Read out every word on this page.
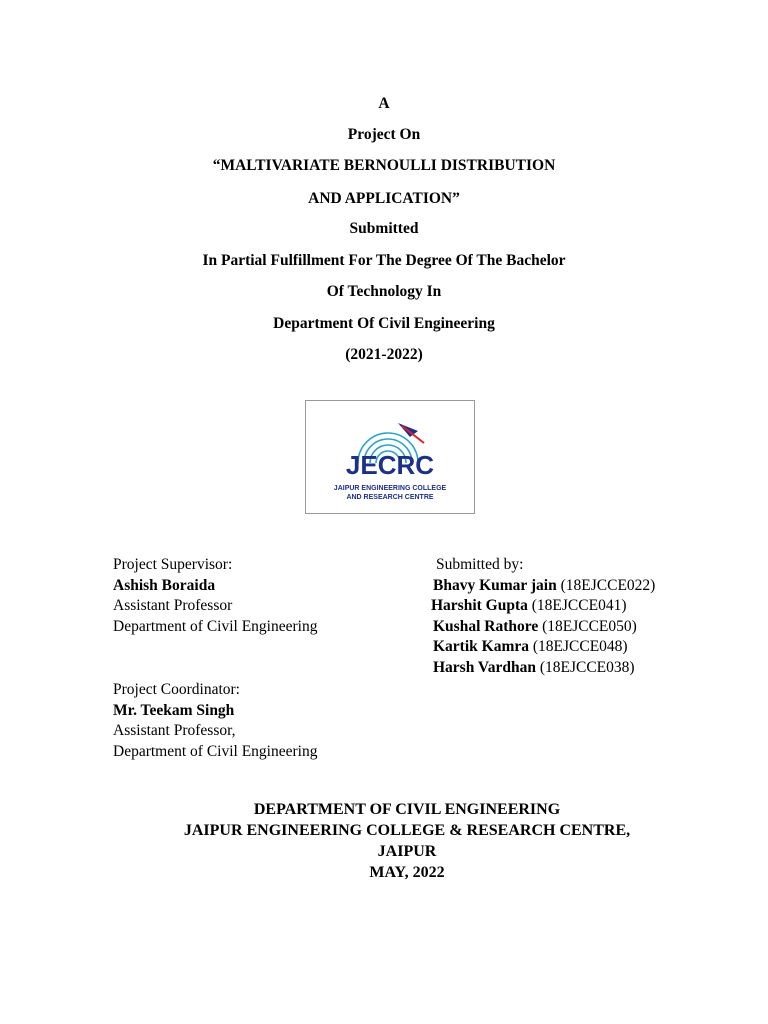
A
Project On
“MALTIVARIATE BERNOULLI DISTRIBUTION
AND APPLICATION”
Submitted
In Partial Fulfillment For The Degree Of The Bachelor
Of Technology In
Department Of Civil Engineering
(2021-2022)
JECRC
JAIPUR ENGINEERING COLLEGE
AND RESEARCH CENTRE
Project Supervisor:
Ashish Boraida
Assistant Professor
Department of Civil Engineering
Project Coordinator:
Mr. Teekam Singh
Assistant Professor,
Department of Civil Engineering
Submitted by:
Bhavy Kumar jain (18EJCCE022)
Harshit Gupta (18EJCCE041)
Kushal Rathore (18EJCCE050)
Kartik Kamra (18EJCCE048)
Harsh Vardhan (18EJCCE038)
DEPARTMENT OF CIVIL ENGINEERING
JAIPUR ENGINEERING COLLEGE & RESEARCH CENTRE,
JAIPUR
MAY, 2022
